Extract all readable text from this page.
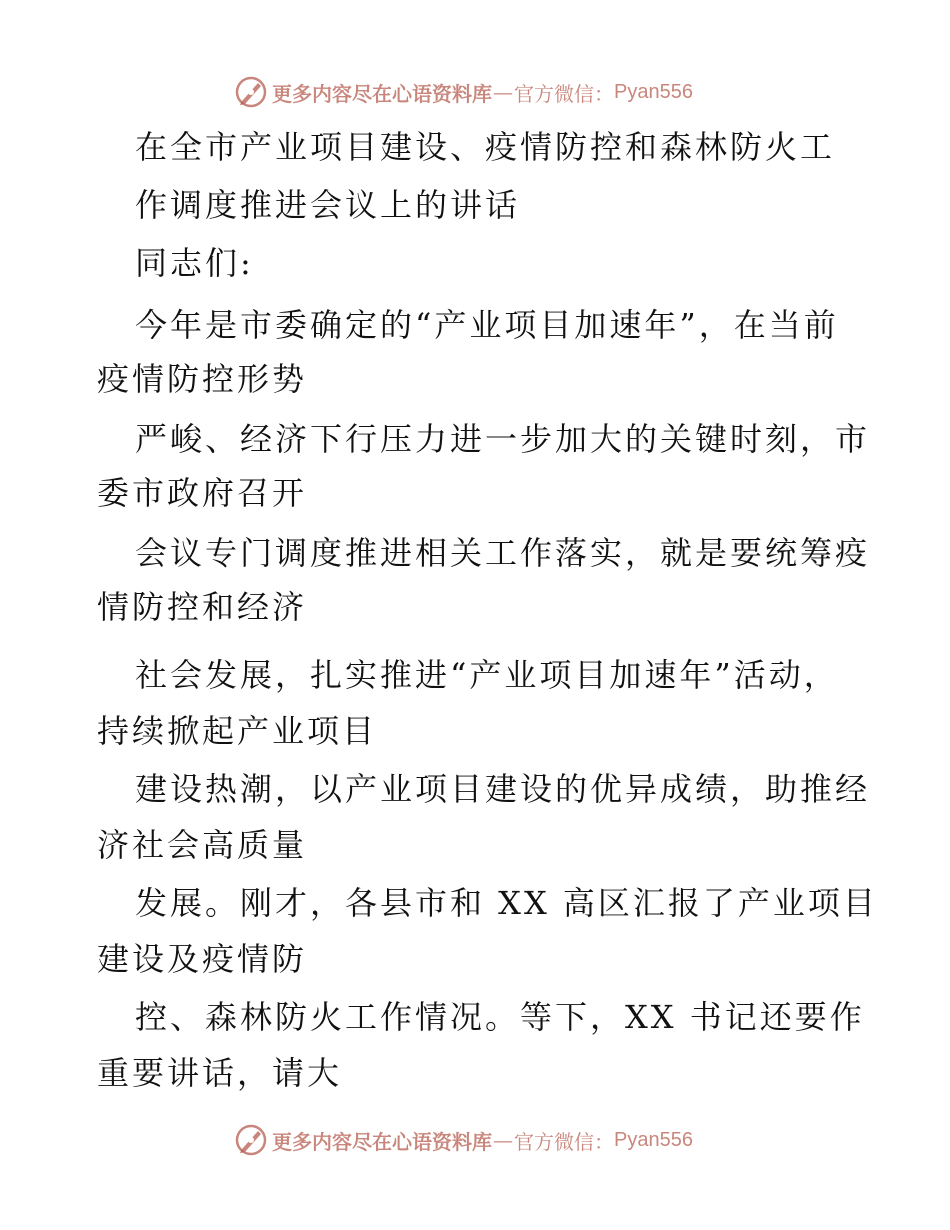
更多内容尽在心语资料库 — 官方微信： Pyan556
在全市产业项目建设、疫情防控和森林防火工
作调度推进会议上的讲话
同志们:
今年是市委确定的“产业项目加速年”，在当前
疫情防控形势
严峻、经济下行压力进一步加大的关键时刻，市
委市政府召开
会议专门调度推进相关工作落实，就是要统筹疫
情防控和经济
社会发展，扎实推进“产业项目加速年”活动，
持续掀起产业项目
建设热潮，以产业项目建设的优异成绩，助推经
济社会高质量
发展。刚才，各县市和 XX 高区汇报了产业项目
建设及疫情防
控、森林防火工作情况。等下，XX 书记还要作
重要讲话，请大
更多内容尽在心语资料库 — 官方微信： Pyan556
